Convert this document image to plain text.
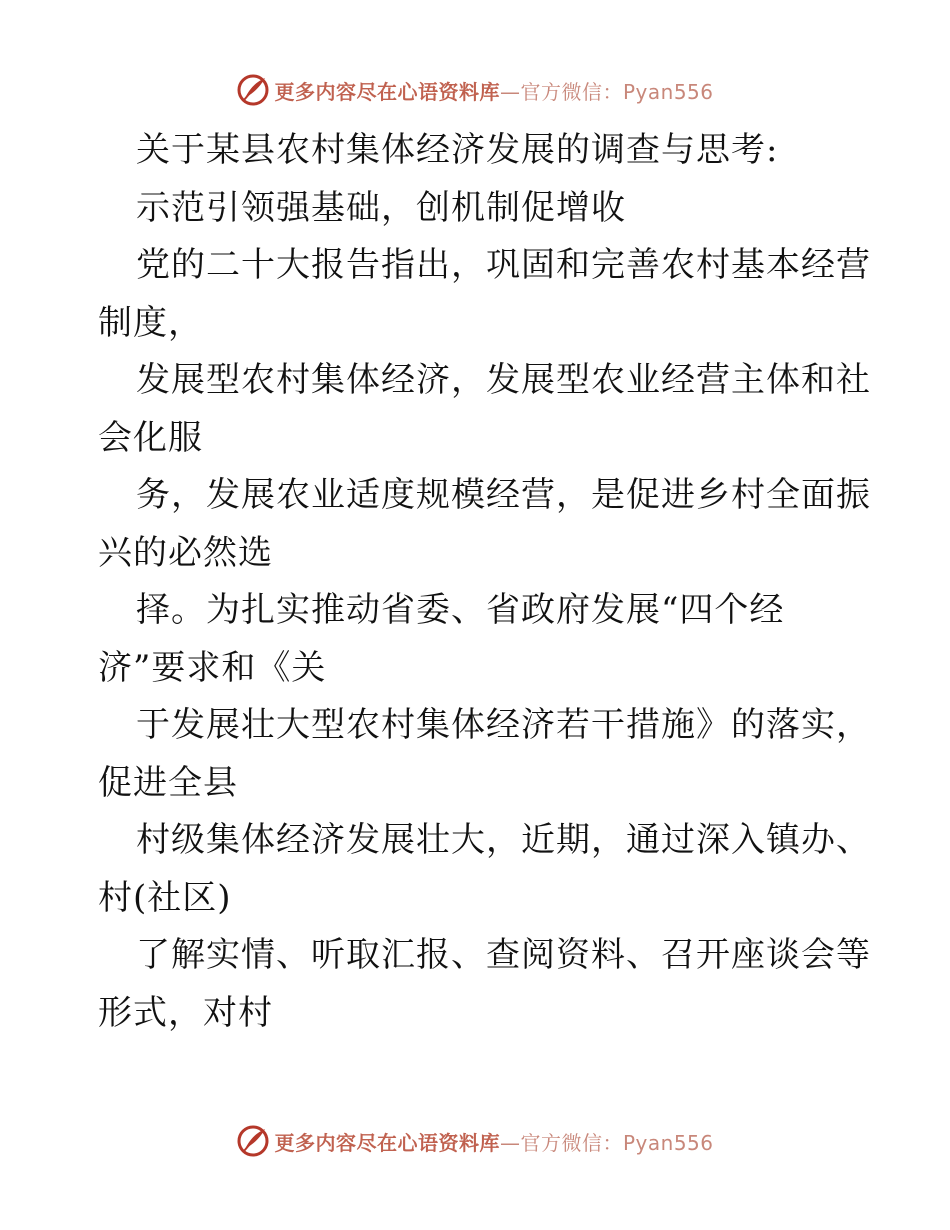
更多内容尽在心语资料库—官方微信：Pyan556
关于某县农村集体经济发展的调查与思考:
示范引领强基础，创机制促增收
党的二十大报告指出，巩固和完善农村基本经营
制度，
发展型农村集体经济，发展型农业经营主体和社
会化服
务，发展农业适度规模经营，是促进乡村全面振
兴的必然选
择。为扎实推动省委、省政府发展“四个经
济”要求和《关
于发展壮大型农村集体经济若干措施》的落实，
促进全县
村级集体经济发展壮大，近期，通过深入镇办、
村(社区)
了解实情、听取汇报、查阅资料、召开座谈会等
形式，对村
更多内容尽在心语资料库—官方微信：Pyan556
